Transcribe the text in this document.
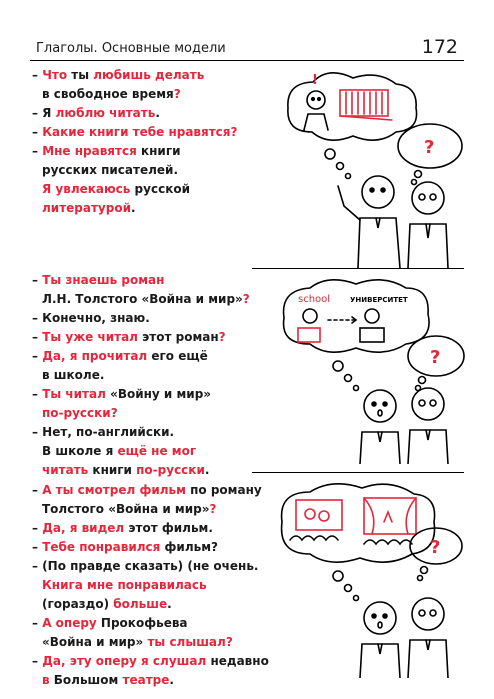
Глаголы. Основные модели	172
– Что ты любишь делать
в свободное время?
– Я люблю читать.
– Какие книги тебе нравятся?
– Мне нравятся книги
русских писателей.
Я увлекаюсь русской
литературой.
– Ты знаешь роман
Л.Н. Толстого «Война и мир»?
– Конечно, знаю.
– Ты уже читал этот роман?
– Да, я прочитал его ещё
в школе.
– Ты читал «Войну и мир»
по-русски?
– Нет, по-английски.
В школе я ещё не мог
читать книги по-русски.
– А ты смотрел фильм по роману
Толстого «Война и мир»?
– Да, я видел этот фильм.
– Тебе понравился фильм?
– (По правде сказать) (не очень.
Книга мне понравилась
(гораздо) больше.
– А оперу Прокофьева
«Война и мир» ты слышал?
– Да, эту оперу я слушал недавно
в Большом театре.
!
?
school	УНИВЕРСИТЕТ
?
?
